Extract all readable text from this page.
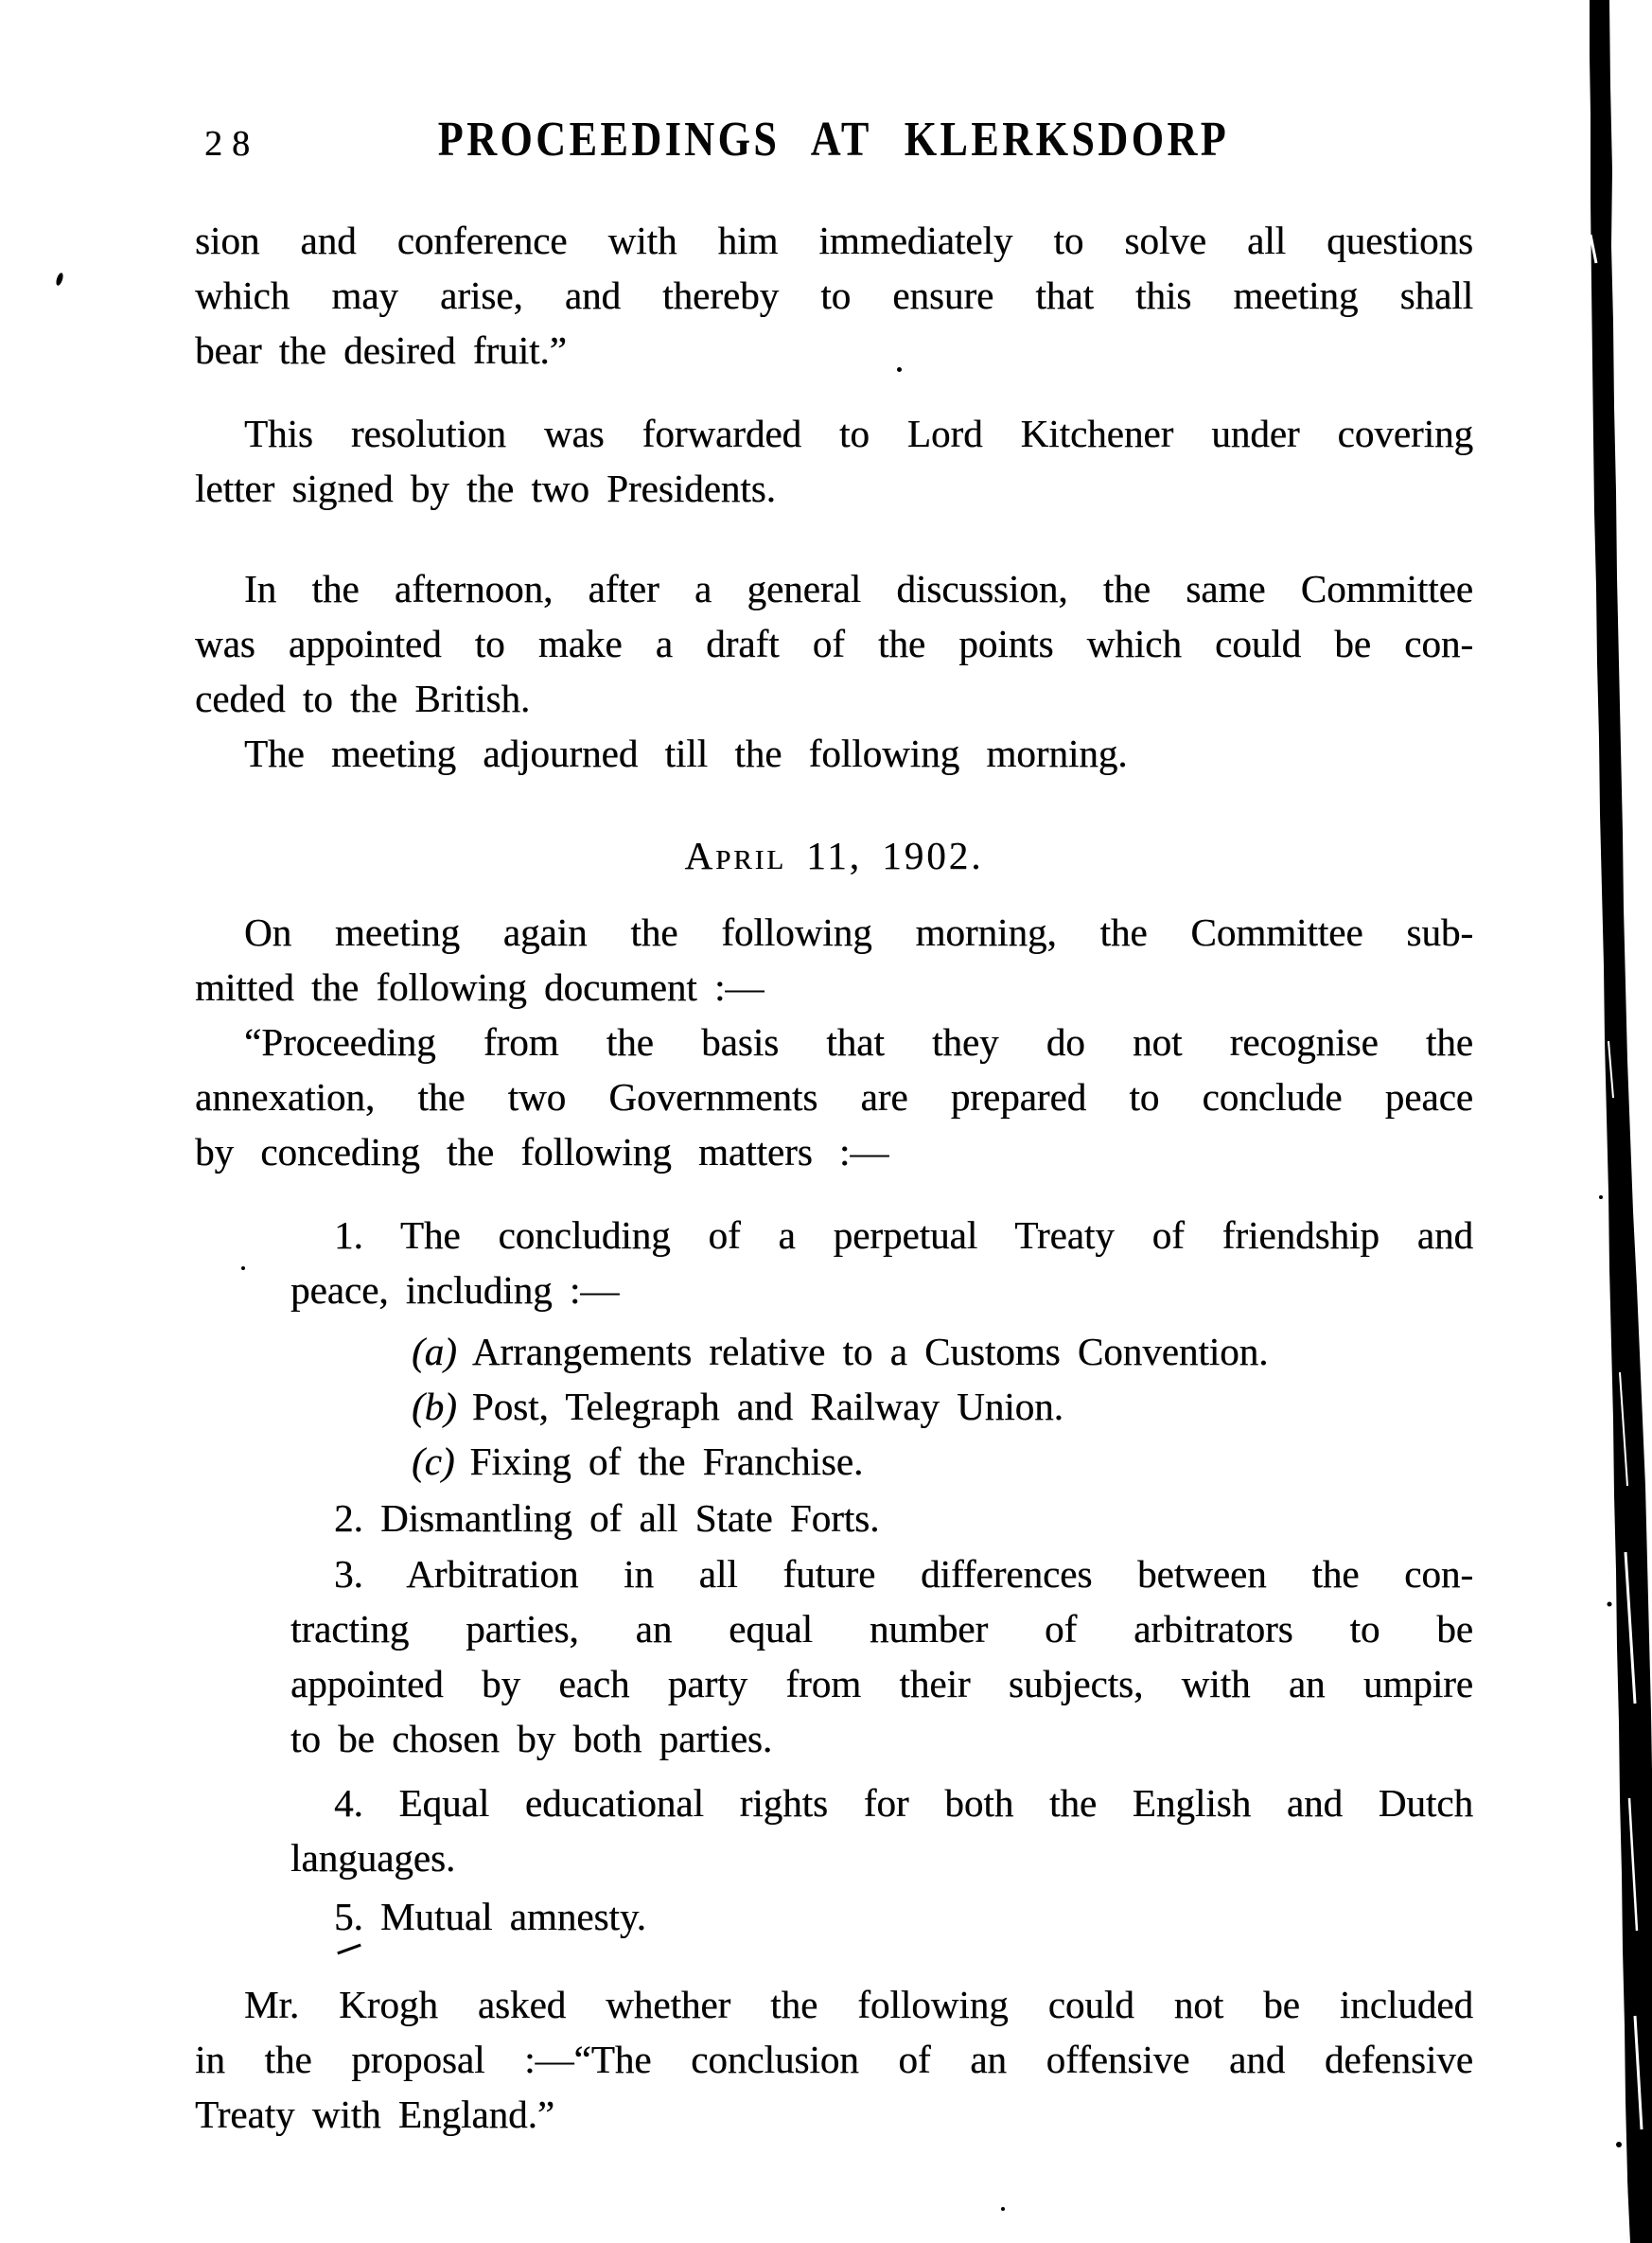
28	PROCEEDINGS AT KLERKSDORP
sion and conference with him immediately to solve all questions
which may arise, and thereby to ensure that this meeting shall
bear the desired fruit.”
This resolution was forwarded to Lord Kitchener under covering
letter signed by the two Presidents.
In the afternoon, after a general discussion, the same Committee
was appointed to make a draft of the points which could be con-
ceded to the British.
The meeting adjourned till the following morning.
April 11, 1902.
On meeting again the following morning, the Committee sub-
mitted the following document :—
“Proceeding from the basis that they do not recognise the
annexation, the two Governments are prepared to conclude peace
by conceding the following matters :—
1. The concluding of a perpetual Treaty of friendship and
peace, including :—
(a) Arrangements relative to a Customs Convention.
(b) Post, Telegraph and Railway Union.
(c) Fixing of the Franchise.
2. Dismantling of all State Forts.
3. Arbitration in all future differences between the con-
tracting parties, an equal number of arbitrators to be
appointed by each party from their subjects, with an umpire
to be chosen by both parties.
4. Equal educational rights for both the English and Dutch
languages.
5. Mutual amnesty.
Mr. Krogh asked whether the following could not be included
in the proposal :—“The conclusion of an offensive and defensive
Treaty with England.”
